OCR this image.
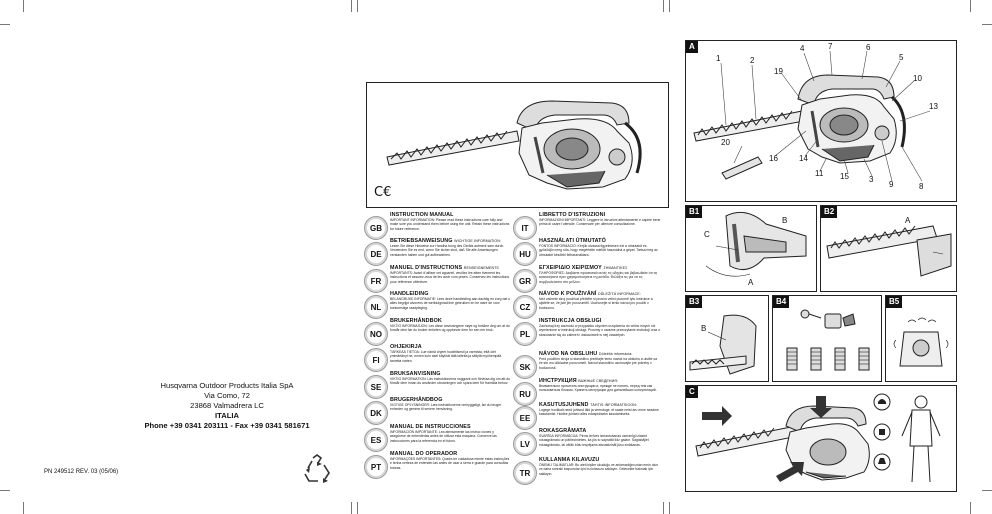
Husqvarna Outdoor Products Italia SpA
Via Como, 72
23868 Valmadrera LC
ITALIA
Phone +39 0341 203111 - Fax +39 0341 581671
PN 249512 REV. 03 (05/06)
C€
GB
INSTRUCTION MANUAL
IMPORTANT INFORMATION: Please read these instructions care fully and make sure you understand them before using the unit. Retain these instructions for future reference.
DE
BETRIEBSANWEISUNG WICHTIGE INFORMATION:
Lesen Sie diese Hinweise zur Handha bung des Geräts aufmerk sam durch. Verwenden Sie es erst, wenn Sie sicher sind, daß Sie alle Anweisungen verstanden haben und gut aufbewahren.
FR
MANUEL D'INSTRUCTIONS RENSEIGNEMENTS
IMPORTANTS: Avant d'utiliser cet appareil, veuillez lire atten tivement les instructions et assurez-vous de les avoir com prises. Conservez les instructions pour référence ultérieure.
NL
HANDLEIDING
BELANGRIJKE INFORMATIE: Lees deze handleiding aan dachtig en zorg dat u alles begrijpt alvorens de werktuigmachine gebruiken en be ware de voor toekomstige raadpleging.
NO
BRUKERHÅNDBOK
VIKTIG INFORMASJON: Les disse anvisningene nøye og forsikre deg om at du forstår dem før du bruker enheten og oppbevar dem for sen ere bruk.
FI
OHJEKIRJA
TÄRKEÄÄ TIETOA: Lue nämä ohjeet huolellisesti ja varmista, että olet ymmärtänyt ne, ennen kuin asel käytöät tätä laitetta ja säilytä myöhempää tarvetta varten.
SE
BRUKSANVISNING
VIKTIG INFORMATION: Läs instruktionerna noggrant och förvissa dig om att du förstår dem innan du använder utrustningen och spara dem för framtida behov.
DK
BRUGERHÅNDBOG
VIGTIGE OPLYSNINGER: Læs instruktionerne omhyggeligt, før du bruger enheden og gemme til senere henvisning.
ES
MANUAL DE INSTRUCCIONES
INFORMACIÓN IMPORTANTE: Lea atentamente las instruc ciones y asegúrese de entenderlas antes de utilizar esta máquina. Conserve las instrucciones para la referencia en el futuro.
PT
MANUAL DO OPERADOR
INFORMAÇÕES IMPORTANTES: Queira ler cuidadosa mente estas instruções e tenha certeza de entender-las antes de usar a serra e guarde para consultas futuras.
IT
LIBRETTO D'ISTRUZIONI
INFORMAZIONI IMPORTANTI: Leggere le istruzioni attentamente e capirle bene prima di usare l'utensile. Conservare per ulteriore consultazione.
HU
HASZNÁLATI ÚTMUTATÓ
FONTOS INFORMÁCIÓ: Kérjük olvassa figyelmesen ezt a útmutatót és győződjön meg róla, hogy megértette mielőtt használná a gépet. Tartsa meg az útmutatót későbbi felhasználásra.
GR
ΕΓΧΕΙΡΙΔΙΟ ΧΕΙΡΙΣΜΟΥ ΣΗΜΑΝΤΙΚΕΣ
ΠΛΗΡΟΦΟΡΙΕΣ: Διαβάστε προσεκτικά αυτές τις οδηγίες και βεβαιωθείτε ότι τις κατανοήσατε πριν χρησιμοποιήσετε τη μονάδα. Φυλάξτε τις για να τις συμβουλεύεστε στο μέλλον.
CZ
NÁVOD K POUŽIVÁNÍ DŮLEŽITÁ INFORMACE:
Než začnete stroj používat přečtěte si prosím velmi pozorně tyto instrukce a ujistěte se, že jste jim porozuměli. Uschovejte si tento návod pro použití v budoucnu.
PL
INSTRUKCJA OBSŁUGI
Zachowaj trzy ważność w przypadku użyciem urządzenia do celów innych niż wymienione w instrukcji obsługi. Prosimy o uważne przeczytanie instrukcji oraz o stosowanie się do zaleceń i wskazówek w niej zawartych.
SK
NÁVOD NA OBSLUHU Dôležitá informácia:
Pred použitím stroja si starostlivo prečítajte tento návod na obsluhu a uistite sa že ste mu dôkladne porozumeli. Návod starostlivo uschovajte pre potreby v budúcnosti.
RU
ИНСТРУКЦИЯ ВАЖНЫЕ СВЕДЕНИЯ:
Внимательно прочитать инструкции и, прежде не понять, перед тем как пользоваться блоком. Хранить инструкции для дальнейших консультаций.
EE
KASUTUSJUHEND TÄHTIS INFORMATSIOON:
Lugege hoolikalt need juhised läbi ja veenduge, et saate neist aru enne seadme kasutamist. Hoidke juhised alles edaspidiseks kasutamiseks.
LV
ROKASGRĀMATA
SVARĪGA INFORMĀCIJA: Pirms ierīces izmantošanas uzmanīgi izlasiet rokasgrāmatu un pārliecinieties, ka jūs to sapratāt līdz galam. Saglabājiet rokasgrāmatu, lai vēlāk būtu iespējams atsvaidzināt jūsu zināšanas.
TR
KULLANMA KILAVUZU
ÖNEMLİ TALİMATLAR: Bu aleti kişiler okuduğu ve anlamadığınızdan emin olun ve daha sonraki başvurular için bu kılavuzu saklayın. Gelecekte bakmak için saklayın.
A
1	2
4	7	6
5
19
10
13
20
16	14
11 15	3
9	8
B1
B
C
A
B2
A
B3
B
B4	B5
C
